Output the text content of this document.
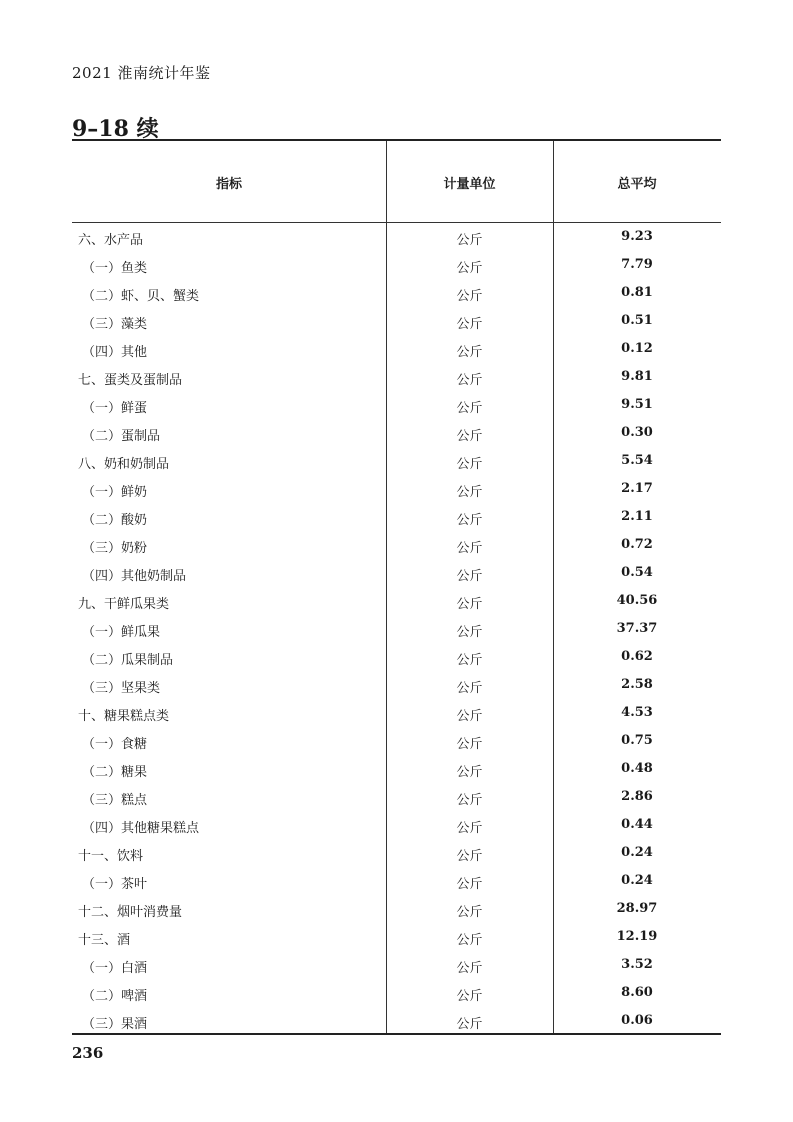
2021 淮南统计年鉴
9–18 续
指标	计量单位	总平均
六、水产品	公斤	9.23
（一）鱼类	公斤	7.79
（二）虾、贝、蟹类	公斤	0.81
（三）藻类	公斤	0.51
（四）其他	公斤	0.12
七、蛋类及蛋制品	公斤	9.81
（一）鲜蛋	公斤	9.51
（二）蛋制品	公斤	0.30
八、奶和奶制品	公斤	5.54
（一）鲜奶	公斤	2.17
（二）酸奶	公斤	2.11
（三）奶粉	公斤	0.72
（四）其他奶制品	公斤	0.54
九、干鲜瓜果类	公斤	40.56
（一）鲜瓜果	公斤	37.37
（二）瓜果制品	公斤	0.62
（三）坚果类	公斤	2.58
十、糖果糕点类	公斤	4.53
（一）食糖	公斤	0.75
（二）糖果	公斤	0.48
（三）糕点	公斤	2.86
（四）其他糖果糕点	公斤	0.44
十一、饮料	公斤	0.24
（一）茶叶	公斤	0.24
十二、烟叶消费量	公斤	28.97
十三、酒	公斤	12.19
（一）白酒	公斤	3.52
（二）啤酒	公斤	8.60
（三）果酒	公斤	0.06
236
